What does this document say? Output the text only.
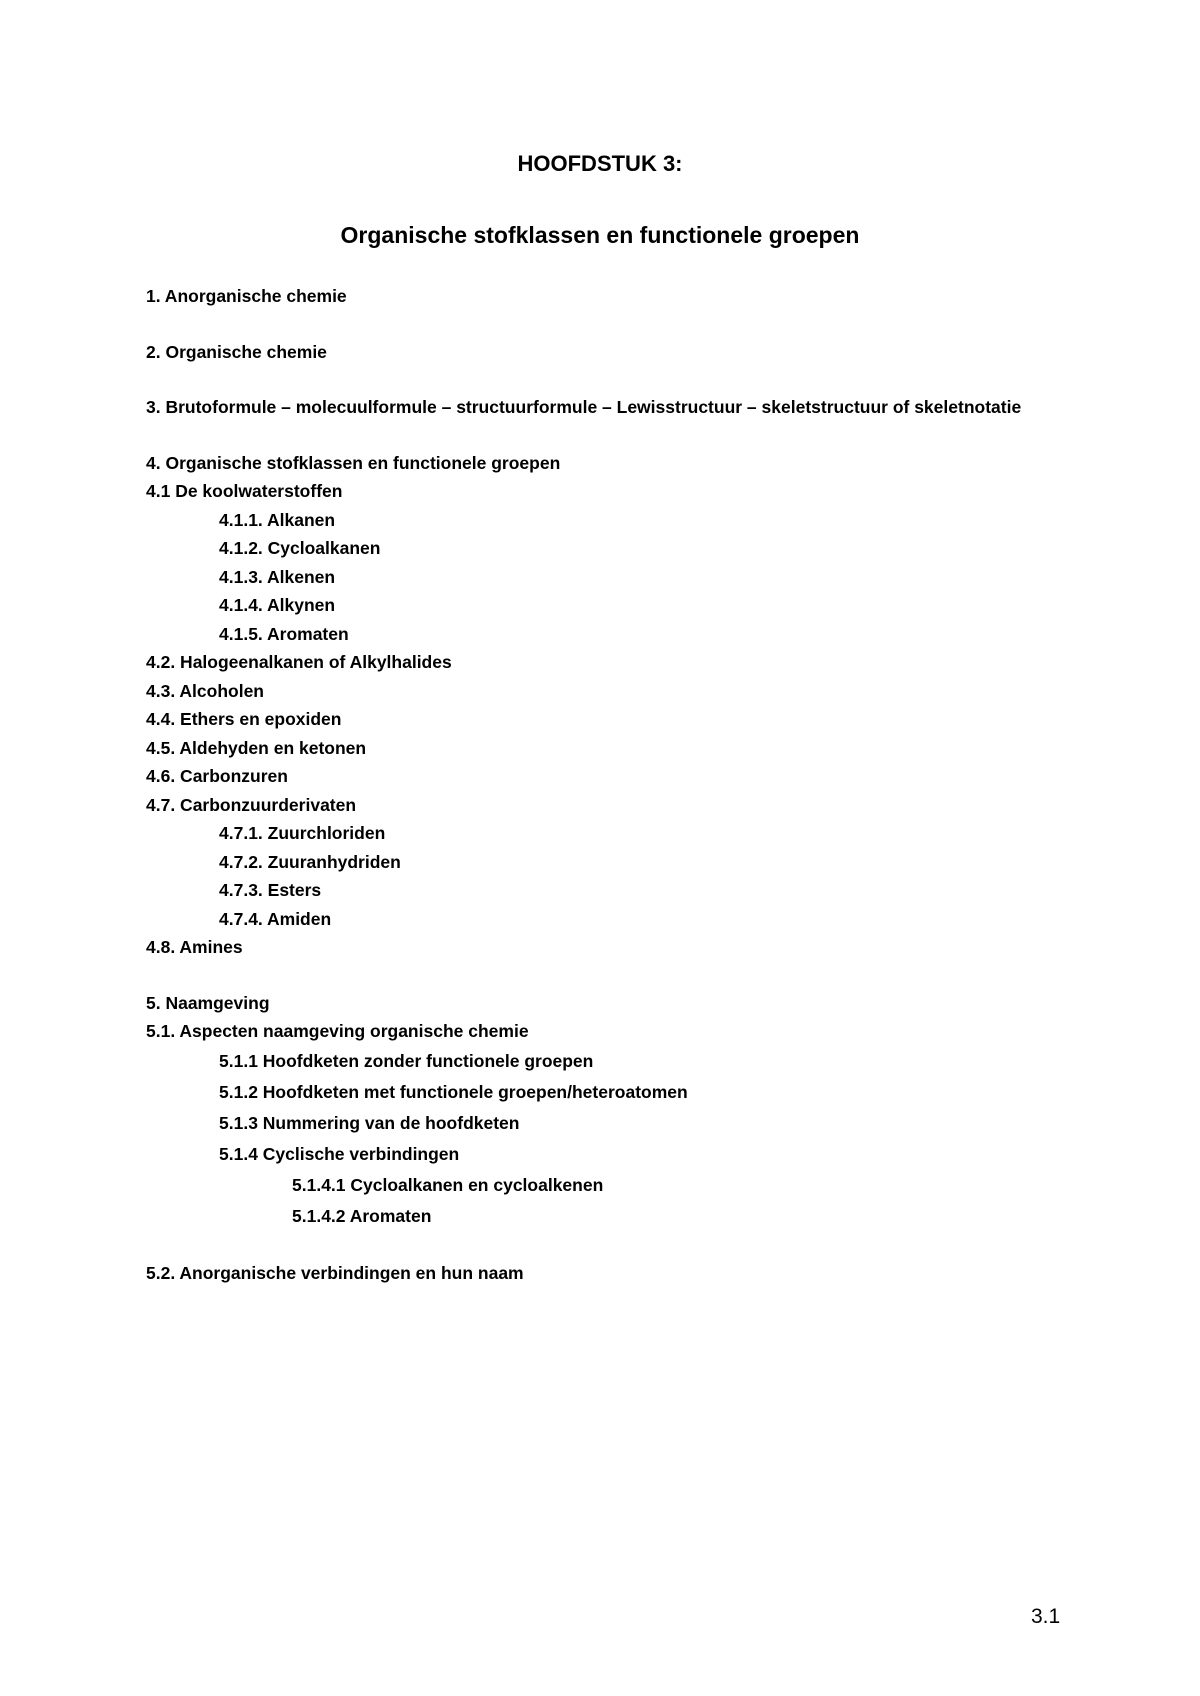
HOOFDSTUK 3:
Organische stofklassen en functionele groepen
1. Anorganische chemie
2. Organische chemie
3. Brutoformule – molecuulformule – structuurformule – Lewisstructuur – skeletstructuur of skeletnotatie
4. Organische stofklassen en functionele groepen
4.1 De koolwaterstoffen
4.1.1. Alkanen
4.1.2. Cycloalkanen
4.1.3. Alkenen
4.1.4. Alkynen
4.1.5. Aromaten
4.2. Halogeenalkanen of Alkylhalides
4.3. Alcoholen
4.4. Ethers en epoxiden
4.5. Aldehyden en ketonen
4.6. Carbonzuren
4.7. Carbonzuurderivaten
4.7.1. Zuurchloriden
4.7.2. Zuuranhydriden
4.7.3. Esters
4.7.4. Amiden
4.8. Amines
5. Naamgeving
5.1. Aspecten naamgeving organische chemie
5.1.1 Hoofdketen zonder functionele groepen
5.1.2 Hoofdketen met functionele groepen/heteroatomen
5.1.3 Nummering van de hoofdketen
5.1.4 Cyclische verbindingen
5.1.4.1 Cycloalkanen en cycloalkenen
5.1.4.2 Aromaten
5.2. Anorganische verbindingen en hun naam
3.1
